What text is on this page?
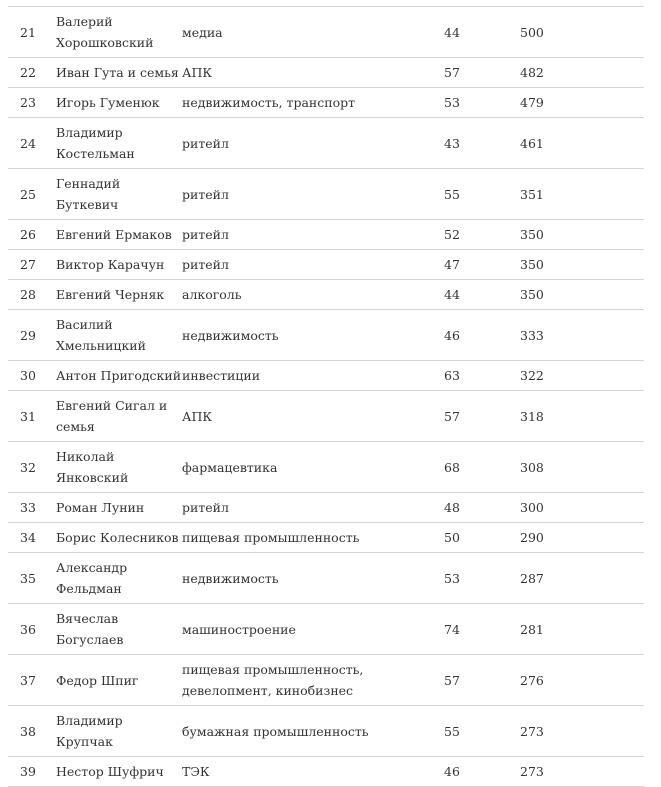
21	Валерий Хорошковский	медиа	44	500
22	Иван Гута и семья	АПК	57	482
23	Игорь Гуменюк	недвижимость, транспорт	53	479
24	Владимир Костельман	ритейл	43	461
25	Геннадий Буткевич	ритейл	55	351
26	Евгений Ермаков	ритейл	52	350
27	Виктор Карачун	ритейл	47	350
28	Евгений Черняк	алкоголь	44	350
29	Василий Хмельницкий	недвижимость	46	333
30	Антон Пригодский	инвестиции	63	322
31	Евгений Сигал и семья	АПК	57	318
32	Николай Янковский	фармацевтика	68	308
33	Роман Лунин	ритейл	48	300
34	Борис Колесников	пищевая промышленность	50	290
35	Александр Фельдман	недвижимость	53	287
36	Вячеслав Богуслаев	машиностроение	74	281
37	Федор Шпиг	пищевая промышленность, девелопмент, кинобизнес	57	276
38	Владимир Крупчак	бумажная промышленность	55	273
39	Нестор Шуфрич	ТЭК	46	273
